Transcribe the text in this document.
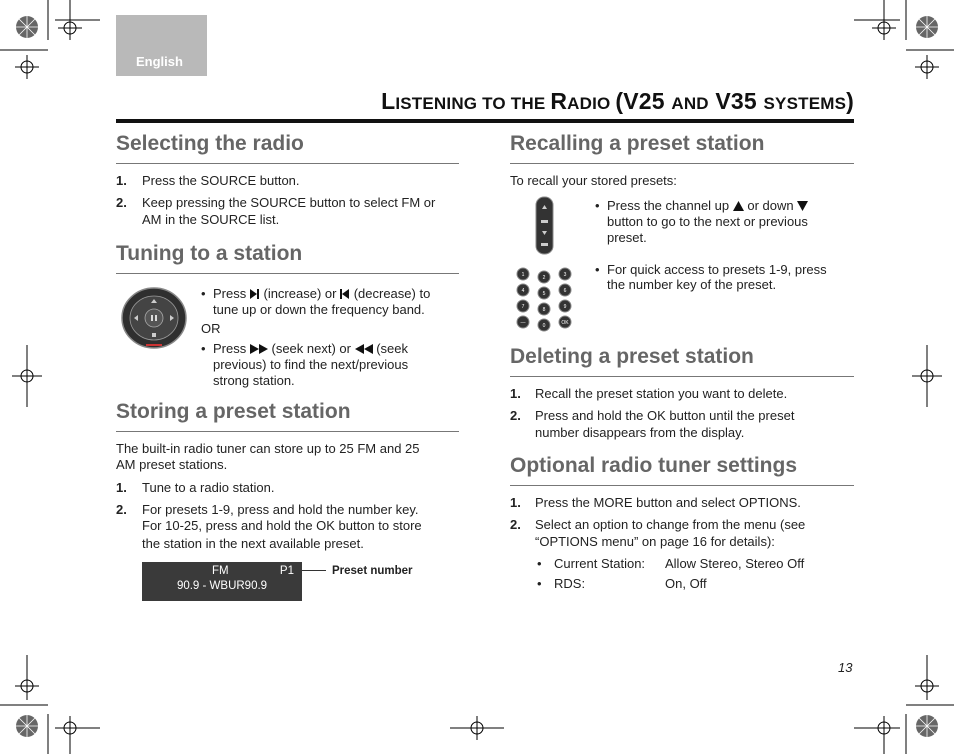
English
LISTENING TO THE RADIO (V25 AND V35 SYSTEMS)
Selecting the radio
1. Press the SOURCE button.
2. Keep pressing the SOURCE button to select FM or
AM in the SOURCE list.
Tuning to a station
• Press (increase) or (decrease) to
tune up or down the frequency band.
OR
• Press (seek next) or (seek
previous) to find the next/previous
strong station.
Storing a preset station
The built-in radio tuner can store up to 25 FM and 25
AM preset stations.
1. Tune to a radio station.
2. For presets 1-9, press and hold the number key.
For 10-25, press and hold the OK button to store
the station in the next available preset.
FM	P1
90.9 - WBUR90.9
Preset number
Recalling a preset station
To recall your stored presets:
1	2	3
4	5	6
7	8	9
—	0	OK
• Press the channel up or down
button to go to the next or previous
preset.
• For quick access to presets 1-9, press
the number key of the preset.
Deleting a preset station
1. Recall the preset station you want to delete.
2. Press and hold the OK button until the preset
number disappears from the display.
Optional radio tuner settings
1. Press the MORE button and select OPTIONS.
2. Select an option to change from the menu (see
“OPTIONS menu” on page 16 for details):
• Current Station: Allow Stereo, Stereo Off
• RDS:	On, Off
13
